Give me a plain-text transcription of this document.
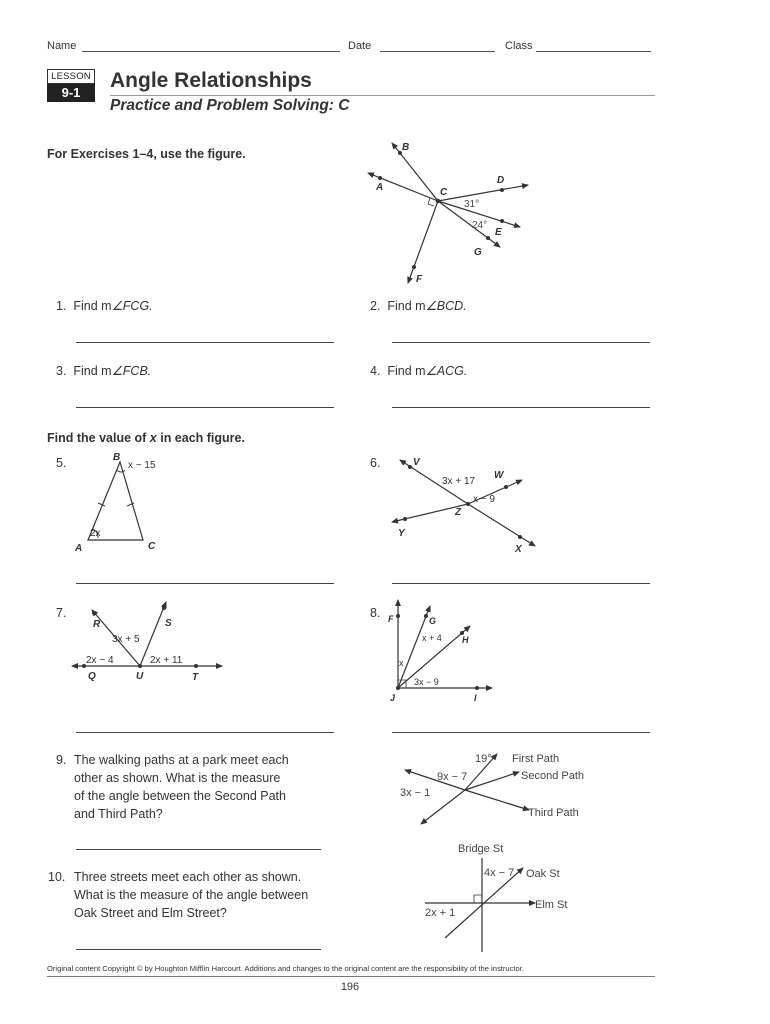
Name	Date	Class
LESSON
9-1
Angle Relationships
Practice and Problem Solving: C
For Exercises 1–4, use the figure.	B
A	C
D
E
G
F
31°
24°
1. Find m∠FCG.	2. Find m∠BCD.
3. Find m∠FCB.	4. Find m∠ACG.
Find the value of x in each figure.
5.	B
x − 15
2x
A	C
6.	V
3x + 17
W
x − 9
Z
Y
X
7.
R	S
3x + 5
2x − 4	2x + 11
Q	U	T
8. F	G
x + 4 H
x
3x − 9
J	I
9. The walking paths at a park meet each
other as shown. What is the measure
of the angle between the Second Path
and Third Path?
19° First Path
9x − 7	Second Path
3x − 1
Third Path
10. Three streets meet each other as shown.
What is the measure of the angle between
Oak Street and Elm Street?
Bridge St
4x − 7 Oak St
Elm St
2x + 1
Original content Copyright © by Houghton Mifflin Harcourt. Additions and changes to the original content are the responsibility of the instructor.
196
